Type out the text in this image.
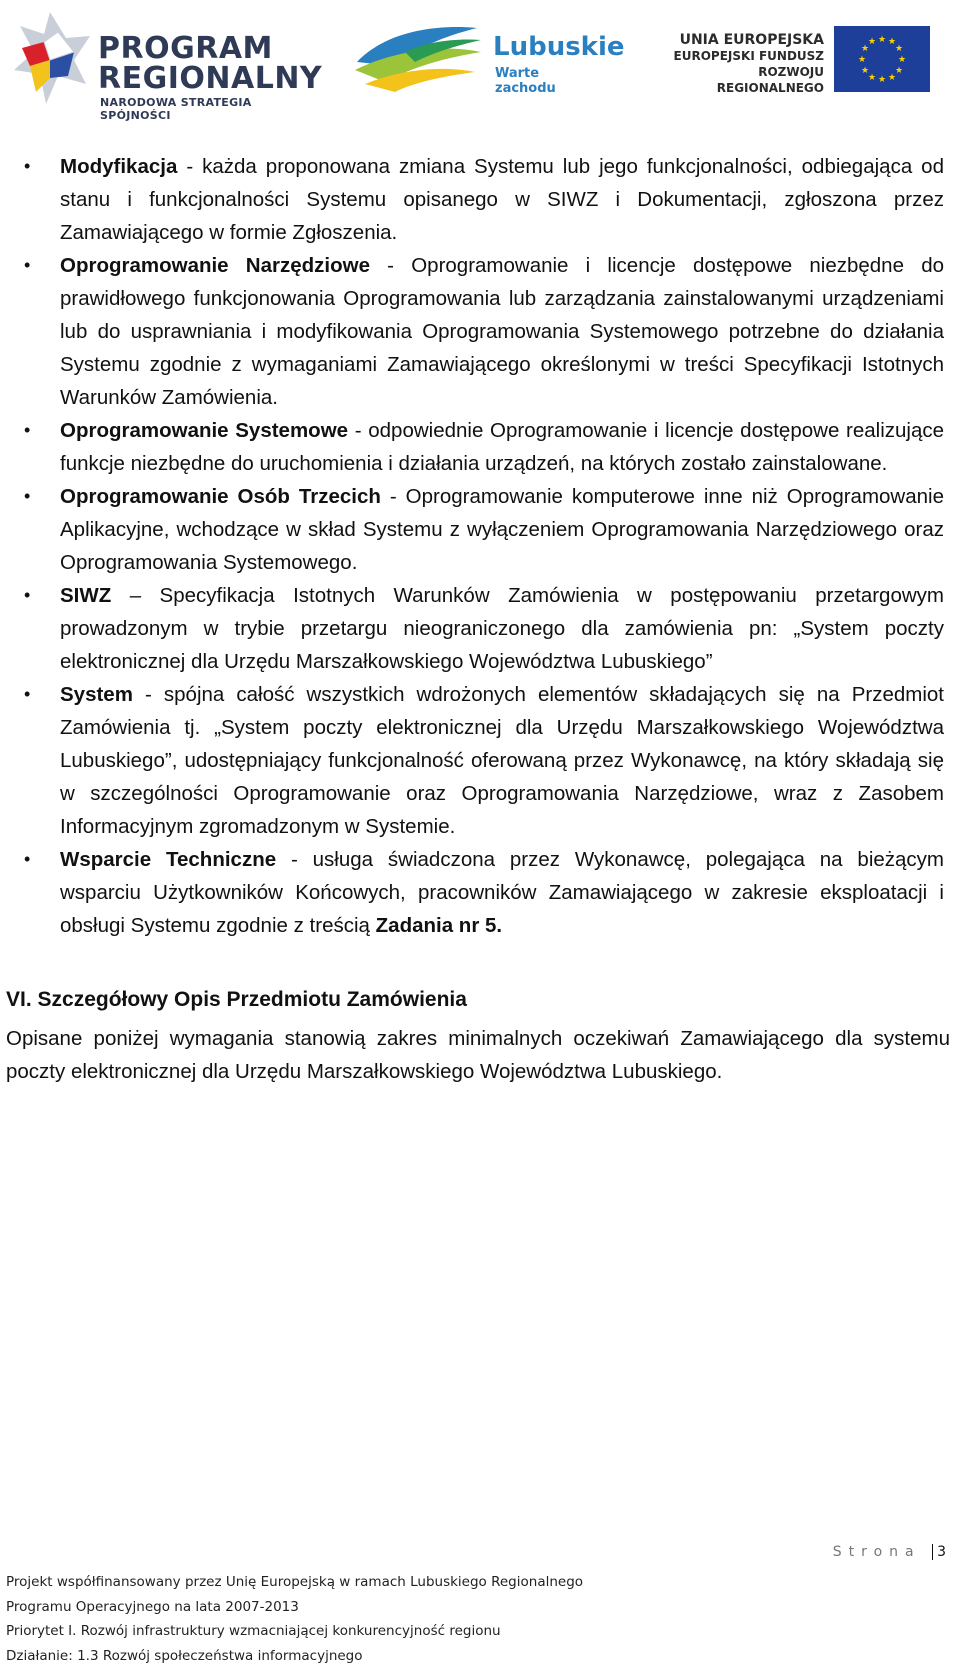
PROGRAM
REGIONALNY
NARODOWA STRATEGIA SPÓJNOŚCI
Lubuskie
Warte zachodu
UNIA EUROPEJSKA
EUROPEJSKI FUNDUSZ
ROZWOJU REGIONALNEGO
★ ★
★
★
★
★
★
★
★
★
★
★
• Modyfikacja - każda proponowana zmiana Systemu lub jego funkcjonalności, odbiegająca od stanu i funkcjonalności Systemu opisanego w SIWZ i Dokumentacji, zgłoszona przez Zamawiającego w formie Zgłoszenia.
• Oprogramowanie Narzędziowe - Oprogramowanie i licencje dostępowe niezbędne do prawidłowego funkcjonowania Oprogramowania lub zarządzania zainstalowanymi urządzeniami lub do usprawniania i modyfikowania Oprogramowania Systemowego potrzebne do działania Systemu zgodnie z wymaganiami Zamawiającego określonymi w treści Specyfikacji Istotnych Warunków Zamówienia.
• Oprogramowanie Systemowe - odpowiednie Oprogramowanie i licencje dostępowe realizujące funkcje niezbędne do uruchomienia i działania urządzeń, na których zostało zainstalowane.
• Oprogramowanie Osób Trzecich - Oprogramowanie komputerowe inne niż Oprogramowanie Aplikacyjne, wchodzące w skład Systemu z wyłączeniem Oprogramowania Narzędziowego oraz Oprogramowania Systemowego.
• SIWZ – Specyfikacja Istotnych Warunków Zamówienia w postępowaniu przetargowym prowadzonym w trybie przetargu nieograniczonego dla zamówienia pn: „System poczty elektronicznej dla Urzędu Marszałkowskiego Województwa Lubuskiego”
• System - spójna całość wszystkich wdrożonych elementów składających się na Przedmiot Zamówienia tj. „System poczty elektronicznej dla Urzędu Marszałkowskiego Województwa Lubuskiego”, udostępniający funkcjonalność oferowaną przez Wykonawcę, na który składają się w szczególności Oprogramowanie oraz Oprogramowania Narzędziowe, wraz z Zasobem Informacyjnym zgromadzonym w Systemie.
• Wsparcie Techniczne - usługa świadczona przez Wykonawcę, polegająca na bieżącym wsparciu Użytkowników Końcowych, pracowników Zamawiającego w zakresie eksploatacji i obsługi Systemu zgodnie z treścią Zadania nr 5.
VI. Szczegółowy Opis Przedmiotu Zamówienia
Opisane poniżej wymagania stanowią zakres minimalnych oczekiwań Zamawiającego dla systemu poczty elektronicznej dla Urzędu Marszałkowskiego Województwa Lubuskiego.
Strona 3
Projekt współfinansowany przez Unię Europejską w ramach Lubuskiego Regionalnego
Programu Operacyjnego na lata 2007-2013
Priorytet I. Rozwój infrastruktury wzmacniającej konkurencyjność regionu
Działanie: 1.3 Rozwój społeczeństwa informacyjnego
